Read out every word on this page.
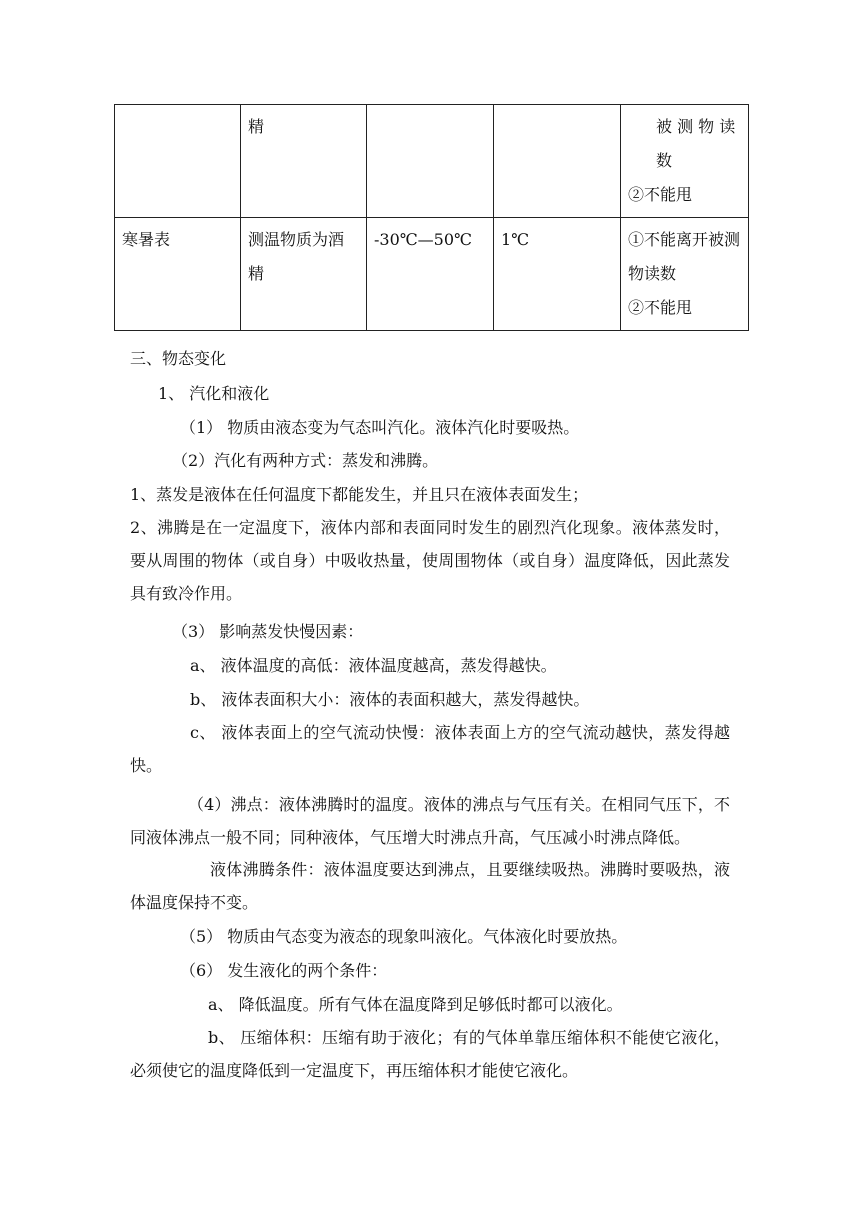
	精			被 测 物 读
数
②不能甩

寒暑表	测温物质为酒精	-30℃—50℃	1℃	①不能离开被测物读数
②不能甩
三、物态变化
1、 汽化和液化
（1） 物质由液态变为气态叫汽化。液体汽化时要吸热。
（2）汽化有两种方式：蒸发和沸腾。
1、蒸发是液体在任何温度下都能发生，并且只在液体表面发生；
2、沸腾是在一定温度下，液体内部和表面同时发生的剧烈汽化现象。液体蒸发时，要从周围的物体（或自身）中吸收热量，使周围物体（或自身）温度降低，因此蒸发具有致冷作用。
（3） 影响蒸发快慢因素：
a、 液体温度的高低：液体温度越高，蒸发得越快。
b、 液体表面积大小：液体的表面积越大，蒸发得越快。
c、 液体表面上的空气流动快慢：液体表面上方的空气流动越快，蒸发得越快。
（4）沸点：液体沸腾时的温度。液体的沸点与气压有关。在相同气压下，不同液体沸点一般不同；同种液体，气压增大时沸点升高，气压减小时沸点降低。
液体沸腾条件：液体温度要达到沸点，且要继续吸热。沸腾时要吸热，液体温度保持不变。
（5） 物质由气态变为液态的现象叫液化。气体液化时要放热。
（6） 发生液化的两个条件：
a、 降低温度。所有气体在温度降到足够低时都可以液化。
b、 压缩体积：压缩有助于液化；有的气体单靠压缩体积不能使它液化，必须使它的温度降低到一定温度下，再压缩体积才能使它液化。
